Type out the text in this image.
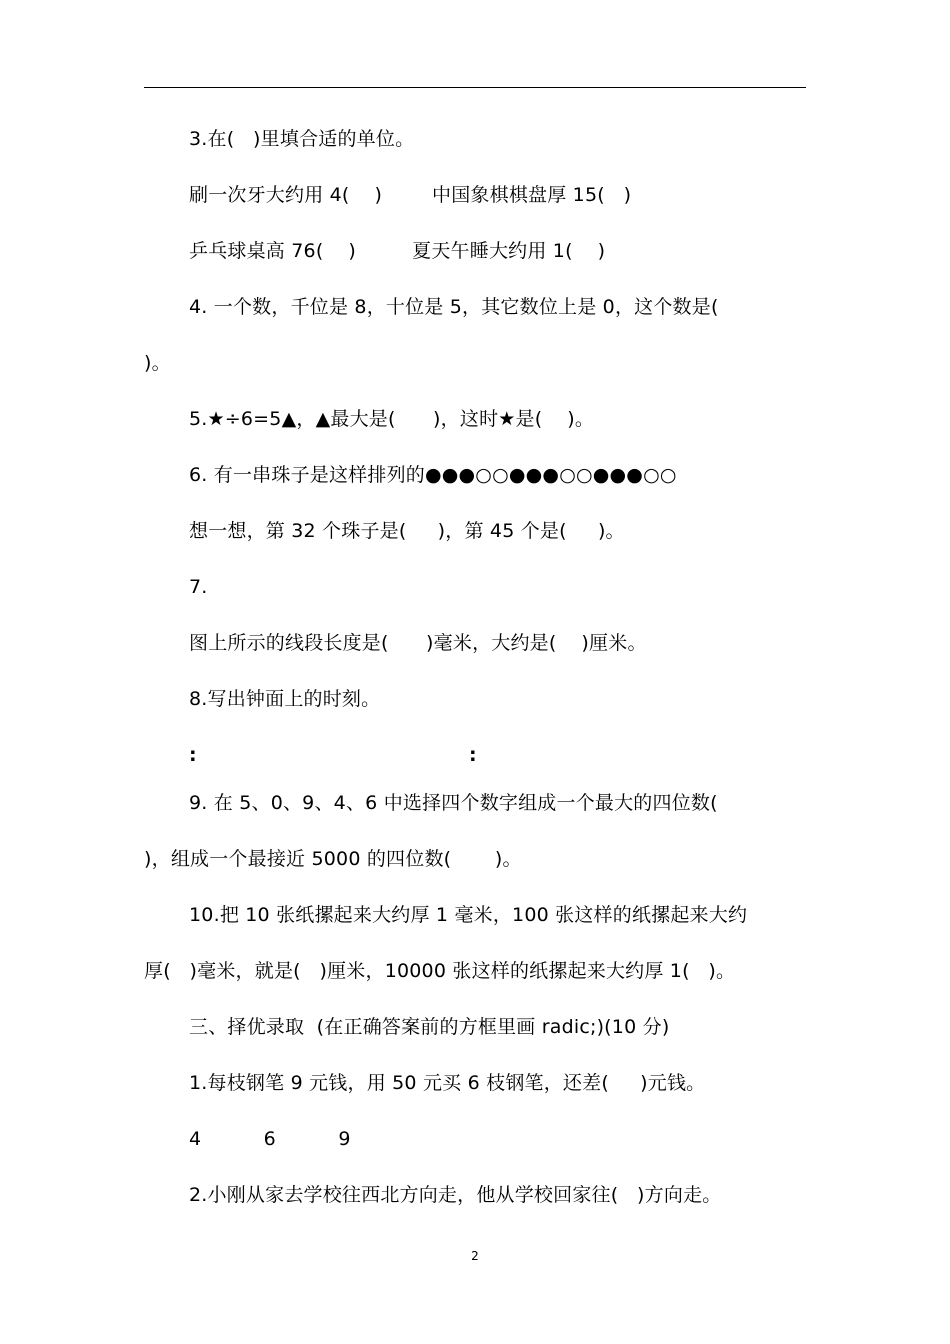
3.在(   )里填合适的单位。
刷一次牙大约用 4(    )        中国象棋棋盘厚 15(   )
乒乓球桌高 76(    )         夏天午睡大约用 1(    )
4. 一个数，千位是 8，十位是 5，其它数位上是 0，这个数是(
)。
5.★÷6=5▲，▲最大是(      )，这时★是(    )。
6. 有一串珠子是这样排列的●●●○○●●●○○●●●○○
想一想，第 32 个珠子是(     )，第 45 个是(     )。
7.
图上所示的线段长度是(      )毫米，大约是(    )厘米。
8.写出钟面上的时刻。
:	:
9. 在 5、0、9、4、6 中选择四个数字组成一个最大的四位数(
)，组成一个最接近 5000 的四位数(       )。
10.把 10 张纸摞起来大约厚 1 毫米，100 张这样的纸摞起来大约
厚(   )毫米，就是(   )厘米，10000 张这样的纸摞起来大约厚 1(   )。
三、择优录取  (在正确答案前的方框里画 radic;)(10 分)
1.每枝钢笔 9 元钱，用 50 元买 6 枝钢笔，还差(     )元钱。
4          6          9
2.小刚从家去学校往西北方向走，他从学校回家往(   )方向走。
2
